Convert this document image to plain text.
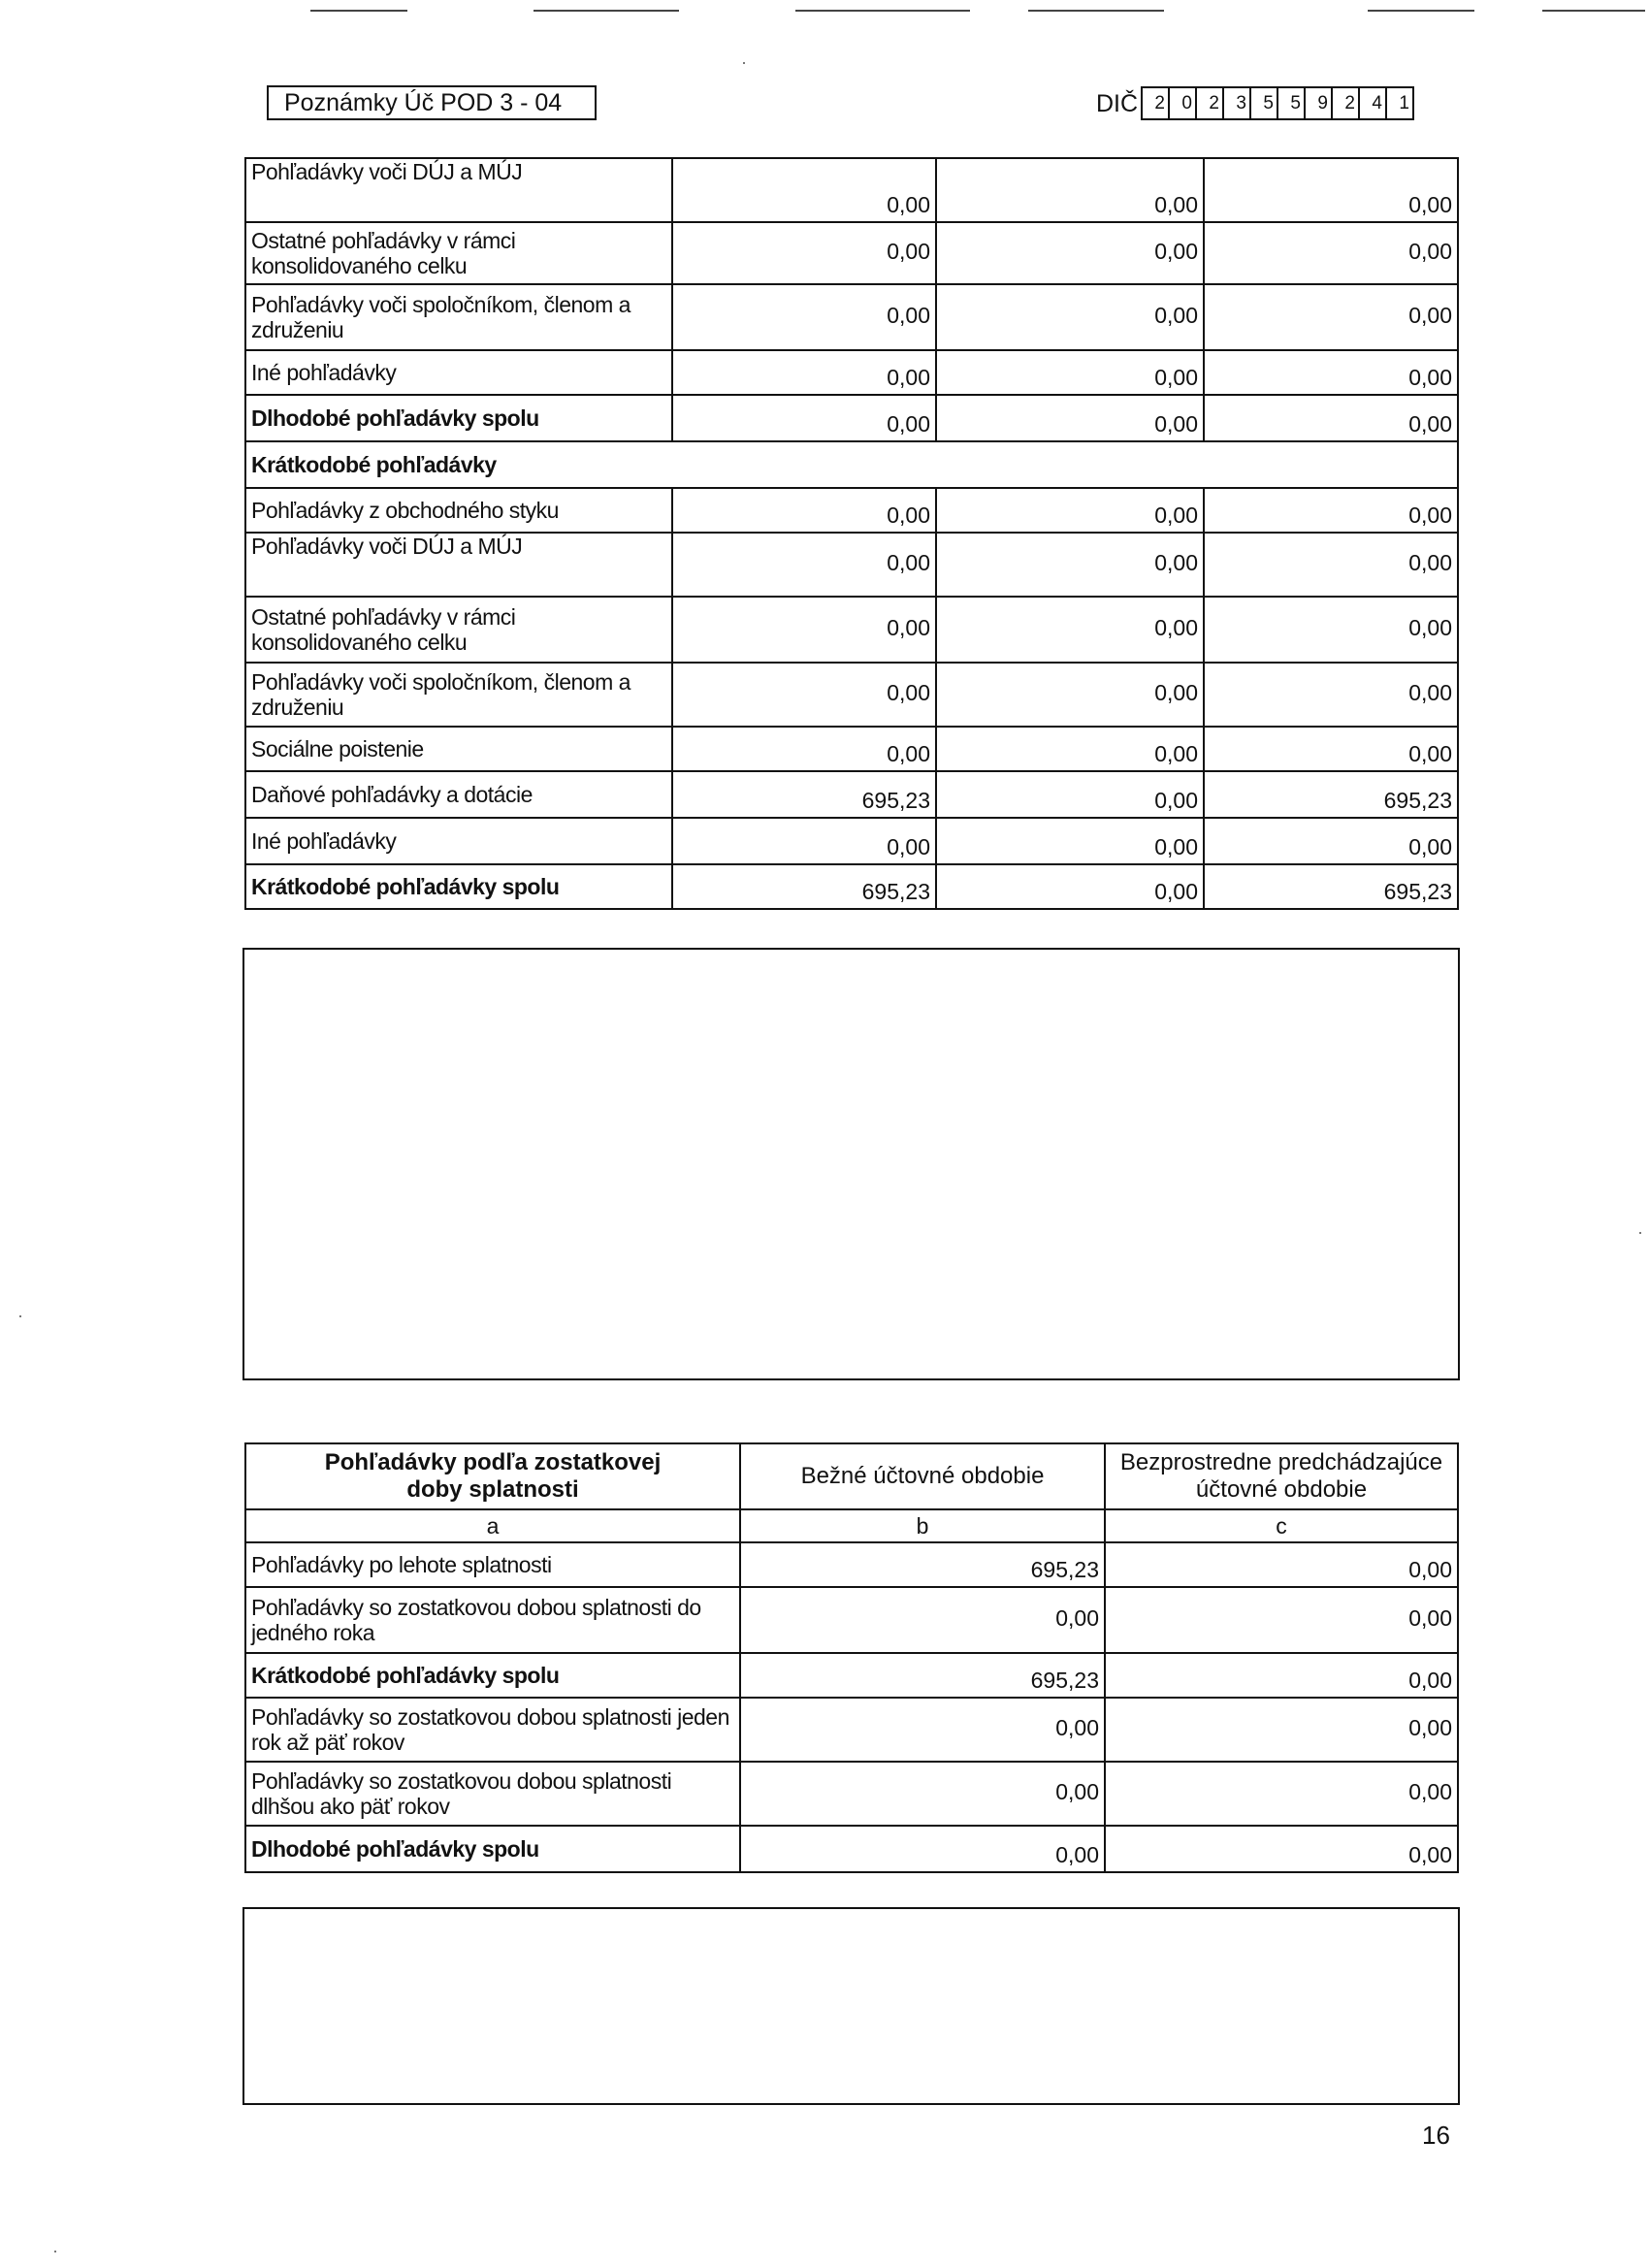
Poznámky Úč POD 3 - 04	DIČ 2 0 2 3 5 5 9 2 4 1
Pohľadávky voči DÚJ a MÚJ	0,00	0,00	0,00
Ostatné pohľadávky v rámci konsolidovaného celku	0,00	0,00	0,00
Pohľadávky voči spoločníkom, členom a združeniu	0,00	0,00	0,00
Iné pohľadávky	0,00	0,00	0,00
Dlhodobé pohľadávky spolu	0,00	0,00	0,00
Krátkodobé pohľadávky			
Pohľadávky z obchodného styku	0,00	0,00	0,00
Pohľadávky voči DÚJ a MÚJ	0,00	0,00	0,00
Ostatné pohľadávky v rámci konsolidovaného celku	0,00	0,00	0,00
Pohľadávky voči spoločníkom, členom a združeniu	0,00	0,00	0,00
Sociálne poistenie	0,00	0,00	0,00
Daňové pohľadávky a dotácie	695,23	0,00	695,23
Iné pohľadávky	0,00	0,00	0,00
Krátkodobé pohľadávky spolu	695,23	0,00	695,23
Pohľadávky podľa zostatkovej doby splatnosti	Bežné účtovné obdobie	Bezprostredne predchádzajúce účtovné obdobie
a	b	c
Pohľadávky po lehote splatnosti	695,23	0,00
Pohľadávky so zostatkovou dobou splatnosti do jedného roka	0,00	0,00
Krátkodobé pohľadávky spolu	695,23	0,00
Pohľadávky so zostatkovou dobou splatnosti jeden rok až päť rokov	0,00	0,00
Pohľadávky so zostatkovou dobou splatnosti dlhšou ako päť rokov	0,00	0,00
Dlhodobé pohľadávky spolu	0,00	0,00
16
